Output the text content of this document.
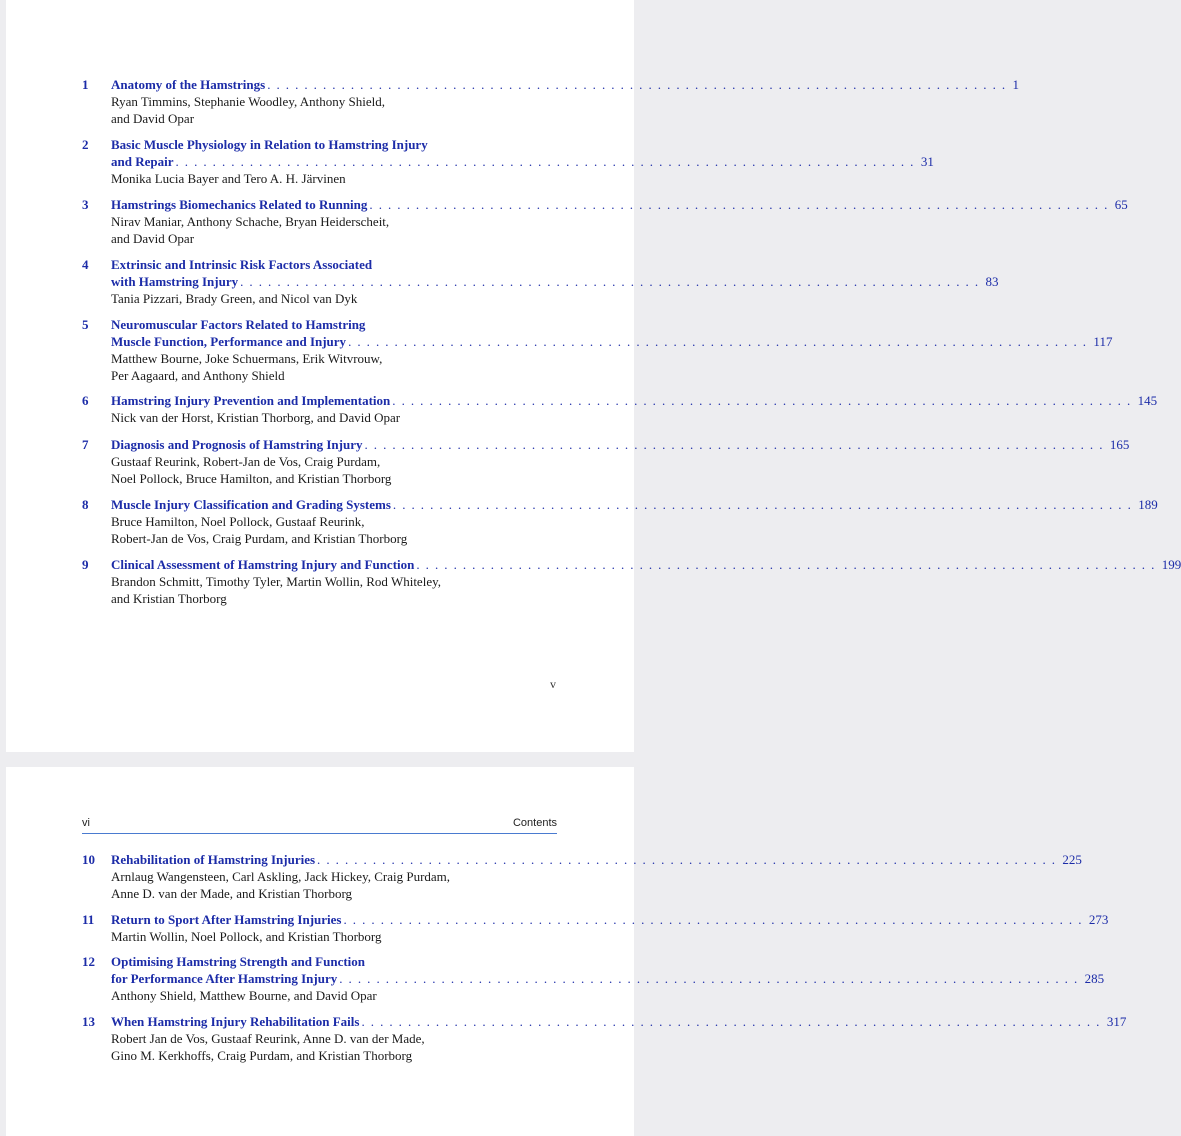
1 Anatomy of the Hamstrings . . . . . . . . . . . . . . . . . . . . . . . . . . . . . . . . . . . . . . . . . . . . . . . . . . . . . . . . . . . . . . . . . . . . . . . . . . . . . . . . 1
Ryan Timmins, Stephanie Woodley, Anthony Shield,
and David Opar
2 Basic Muscle Physiology in Relation to Hamstring Injury
and Repair . . . . . . . . . . . . . . . . . . . . . . . . . . . . . . . . . . . . . . . . . . . . . . . . . . . . . . . . . . . . . . . . . . . . . . . . . . . . . . . . 31
Monika Lucia Bayer and Tero A. H. Järvinen
3 Hamstrings Biomechanics Related to Running . . . . . . . . . . . . . . . . . . . . . . . . . . . . . . . . . . . . . . . . . . . . . . . . . . . . . . . . . . . . . . . . . . . . . . . . . . . . . . . . 65
Nirav Maniar, Anthony Schache, Bryan Heiderscheit,
and David Opar
4 Extrinsic and Intrinsic Risk Factors Associated
with Hamstring Injury . . . . . . . . . . . . . . . . . . . . . . . . . . . . . . . . . . . . . . . . . . . . . . . . . . . . . . . . . . . . . . . . . . . . . . . . . . . . . . . . 83
Tania Pizzari, Brady Green, and Nicol van Dyk
5 Neuromuscular Factors Related to Hamstring
Muscle Function, Performance and Injury . . . . . . . . . . . . . . . . . . . . . . . . . . . . . . . . . . . . . . . . . . . . . . . . . . . . . . . . . . . . . . . . . . . . . . . . . . . . . . . . 117
Matthew Bourne, Joke Schuermans, Erik Witvrouw,
Per Aagaard, and Anthony Shield
6 Hamstring Injury Prevention and Implementation . . . . . . . . . . . . . . . . . . . . . . . . . . . . . . . . . . . . . . . . . . . . . . . . . . . . . . . . . . . . . . . . . . . . . . . . . . . . . . . . 145
Nick van der Horst, Kristian Thorborg, and David Opar
7 Diagnosis and Prognosis of Hamstring Injury . . . . . . . . . . . . . . . . . . . . . . . . . . . . . . . . . . . . . . . . . . . . . . . . . . . . . . . . . . . . . . . . . . . . . . . . . . . . . . . . 165
Gustaaf Reurink, Robert-Jan de Vos, Craig Purdam,
Noel Pollock, Bruce Hamilton, and Kristian Thorborg
8 Muscle Injury Classification and Grading Systems . . . . . . . . . . . . . . . . . . . . . . . . . . . . . . . . . . . . . . . . . . . . . . . . . . . . . . . . . . . . . . . . . . . . . . . . . . . . . . . . 189
Bruce Hamilton, Noel Pollock, Gustaaf Reurink,
Robert-Jan de Vos, Craig Purdam, and Kristian Thorborg
9 Clinical Assessment of Hamstring Injury and Function . . . . . . . . . . . . . . . . . . . . . . . . . . . . . . . . . . . . . . . . . . . . . . . . . . . . . . . . . . . . . . . . . . . . . . . . . . . . . . . . 199
Brandon Schmitt, Timothy Tyler, Martin Wollin, Rod Whiteley,
and Kristian Thorborg
v
vi	Contents
10 Rehabilitation of Hamstring Injuries . . . . . . . . . . . . . . . . . . . . . . . . . . . . . . . . . . . . . . . . . . . . . . . . . . . . . . . . . . . . . . . . . . . . . . . . . . . . . . . . 225
Arnlaug Wangensteen, Carl Askling, Jack Hickey, Craig Purdam,
Anne D. van der Made, and Kristian Thorborg
11 Return to Sport After Hamstring Injuries . . . . . . . . . . . . . . . . . . . . . . . . . . . . . . . . . . . . . . . . . . . . . . . . . . . . . . . . . . . . . . . . . . . . . . . . . . . . . . . . 273
Martin Wollin, Noel Pollock, and Kristian Thorborg
12 Optimising Hamstring Strength and Function
for Performance After Hamstring Injury . . . . . . . . . . . . . . . . . . . . . . . . . . . . . . . . . . . . . . . . . . . . . . . . . . . . . . . . . . . . . . . . . . . . . . . . . . . . . . . . 285
Anthony Shield, Matthew Bourne, and David Opar
13 When Hamstring Injury Rehabilitation Fails . . . . . . . . . . . . . . . . . . . . . . . . . . . . . . . . . . . . . . . . . . . . . . . . . . . . . . . . . . . . . . . . . . . . . . . . . . . . . . . . 317
Robert Jan de Vos, Gustaaf Reurink, Anne D. van der Made,
Gino M. Kerkhoffs, Craig Purdam, and Kristian Thorborg
